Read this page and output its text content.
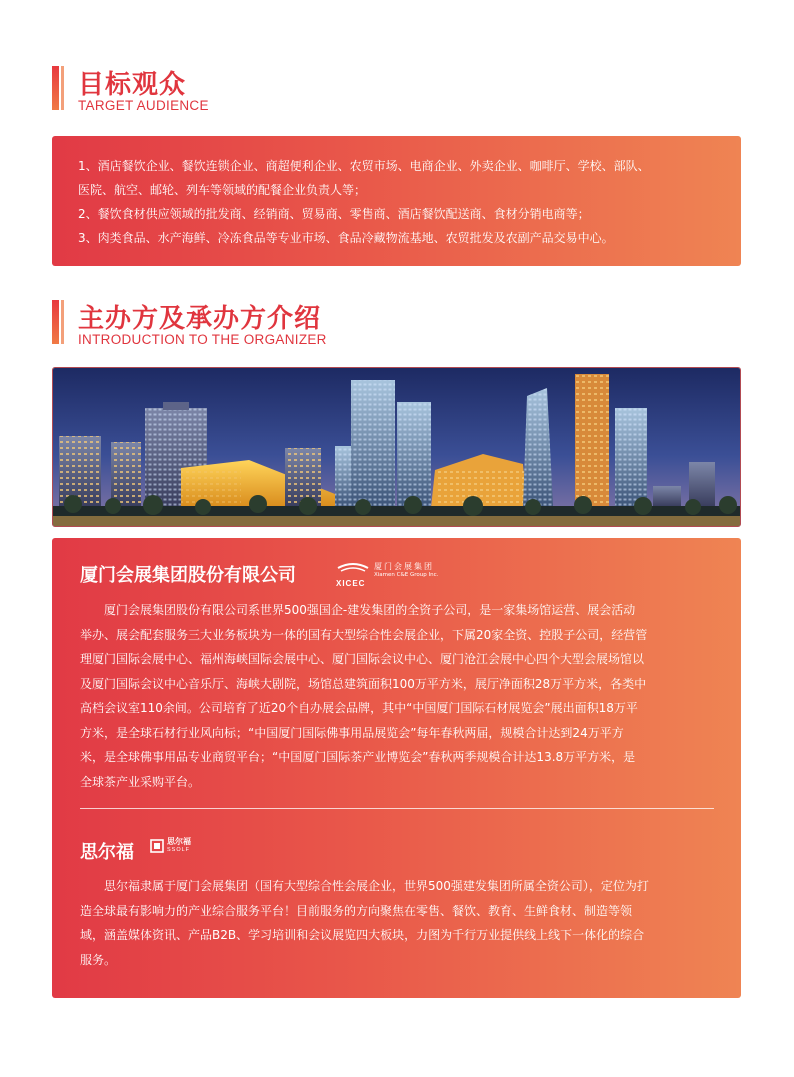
目标观众
TARGET AUDIENCE

1、酒店餐饮企业、餐饮连锁企业、商超便利企业、农贸市场、电商企业、外卖企业、咖啡厅、学校、部队、

医院、航空、邮轮、列车等领域的配餐企业负责人等；

2、餐饮食材供应领域的批发商、经销商、贸易商、零售商、酒店餐饮配送商、食材分销电商等；

3、肉类食品、水产海鲜、冷冻食品等专业市场、食品冷藏物流基地、农贸批发及农副产品交易中心。

主办方及承办方介绍
INTRODUCTION TO THE ORGANIZER
厦门会展集团股份有限公司	厦门会展集团
Xiamen C&E Group Inc.
XICEC
厦门会展集团股份有限公司系世界500强国企-建发集团的全资子公司，是一家集场馆运营、展会活动
举办、展会配套服务三大业务板块为一体的国有大型综合性会展企业，下属20家全资、控股子公司，经营管
理厦门国际会展中心、福州海峡国际会展中心、厦门国际会议中心、厦门沧江会展中心四个大型会展场馆以
及厦门国际会议中心音乐厅、海峡大剧院，场馆总建筑面积100万平方米，展厅净面积28万平方米，各类中
高档会议室110余间。公司培育了近20个自办展会品牌，其中“中国厦门国际石材展览会”展出面积18万平
方米，是全球石材行业风向标；“中国厦门国际佛事用品展览会”每年春秋两届，规模合计达到24万平方
米，是全球佛事用品专业商贸平台；“中国厦门国际茶产业博览会”春秋两季规模合计达13.8万平方米，是
全球茶产业采购平台。
思尔福
思尔福
SSOLF
思尔福隶属于厦门会展集团（国有大型综合性会展企业，世界500强建发集团所属全资公司），定位为打
造全球最有影响力的产业综合服务平台！目前服务的方向聚焦在零售、餐饮、教育、生鲜食材、制造等领
域，涵盖媒体资讯、产品B2B、学习培训和会议展览四大板块，力图为千行万业提供线上线下一体化的综合
服务。
